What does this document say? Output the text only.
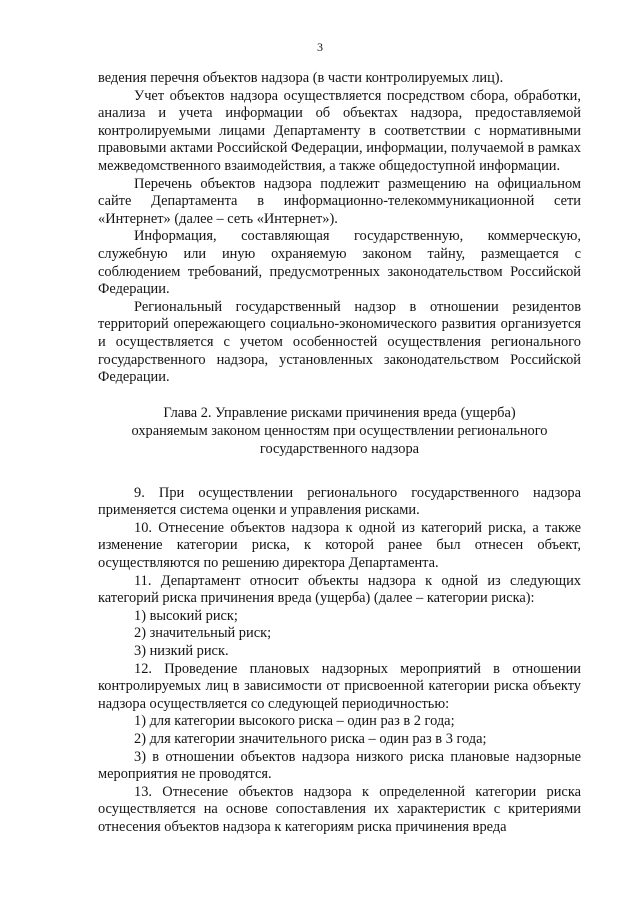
3

ведения перечня объектов надзора (в части контролируемых лиц).

Учет объектов надзора осуществляется посредством сбора, обработки, анализа и учета информации об объектах надзора, предоставляемой контролируемыми лицами Департаменту в соответствии с нормативными правовыми актами Российской Федерации, информации, получаемой в рамках межведомственного взаимодействия, а также общедоступной информации.

Перечень объектов надзора подлежит размещению на официальном сайте Департамента в информационно-телекоммуникационной сети «Интернет» (далее – сеть «Интернет»).

Информация, составляющая государственную, коммерческую, служебную или иную охраняемую законом тайну, размещается с соблюдением требований, предусмотренных законодательством Российской Федерации.

Региональный государственный надзор в отношении резидентов территорий опережающего социально-экономического развития организуется и осуществляется с учетом особенностей осуществления регионального государственного надзора, установленных законодательством Российской Федерации.

Глава 2. Управление рисками причинения вреда (ущерба)
охраняемым законом ценностям при осуществлении регионального
государственного надзора

9. При осуществлении регионального государственного надзора применяется система оценки и управления рисками.

10. Отнесение объектов надзора к одной из категорий риска, а также изменение категории риска, к которой ранее был отнесен объект, осуществляются по решению директора Департамента.

11. Департамент относит объекты надзора к одной из следующих категорий риска причинения вреда (ущерба) (далее – категории риска):

1) высокий риск;

2) значительный риск;

3) низкий риск.

12. Проведение плановых надзорных мероприятий в отношении контролируемых лиц в зависимости от присвоенной категории риска объекту надзора осуществляется со следующей периодичностью:

1) для категории высокого риска – один раз в 2 года;

2) для категории значительного риска – один раз в 3 года;

3) в отношении объектов надзора низкого риска плановые надзорные мероприятия не проводятся.

13. Отнесение объектов надзора к определенной категории риска осуществляется на основе сопоставления их характеристик с критериями отнесения объектов надзора к категориям риска причинения вреда
